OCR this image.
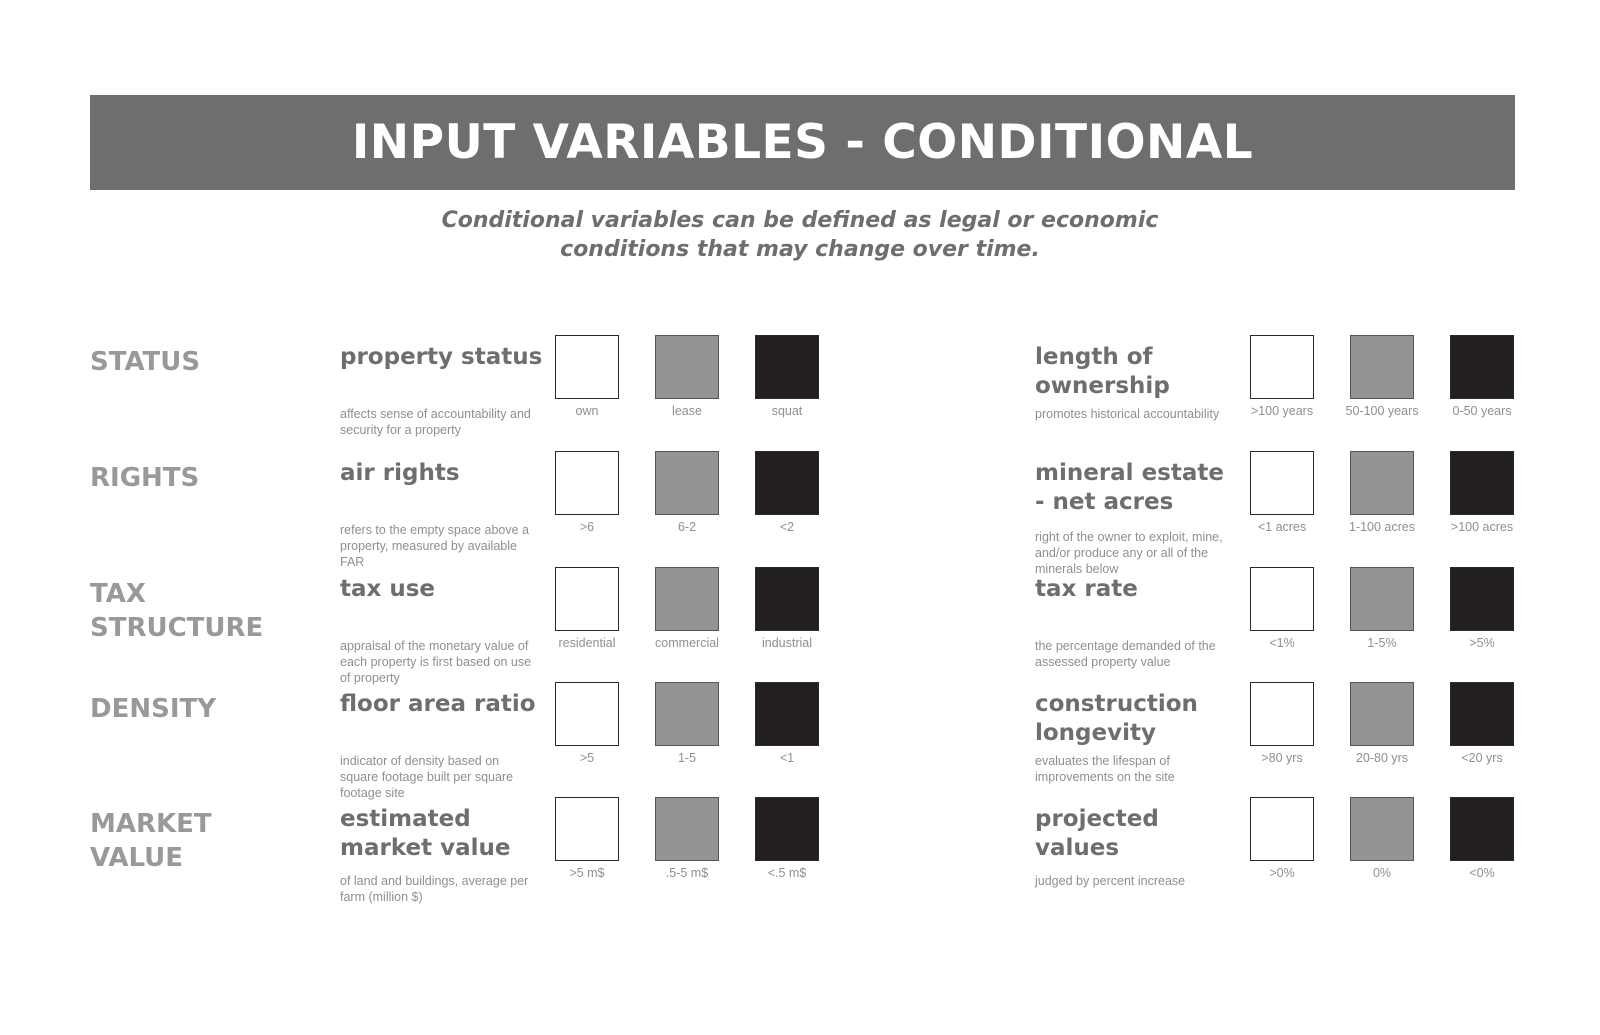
INPUT VARIABLES - CONDITIONAL
Conditional variables can be defined as legal or economic
conditions that may change over time.
STATUS	property status
affects sense of accountability and security for a property
own	lease	squat
length of ownership
promotes historical accountability	>100 years	50-100 years	0-50 years
RIGHTS	air rights
refers to the empty space above a property, measured by available FAR
>6	6-2	<2
mineral estate - net acres
right of the owner to exploit, mine, and/or produce any or all of the minerals below
<1 acres	1-100 acres	>100 acres
TAX STRUCTURE
tax use
appraisal of the monetary value of each property is first based on use of property
residential	commercial	industrial
tax rate
the percentage demanded of the assessed property value
<1%	1-5%	>5%
DENSITY	floor area ratio
indicator of density based on square footage built per square footage site
>5	1-5	<1
construction longevity
evaluates the lifespan of improvements on the site
>80 yrs	20-80 yrs	<20 yrs
MARKET VALUE
estimated market value
of land and buildings, average per farm (million $)
>5 m$	.5-5 m$	<.5 m$
projected values
judged by percent increase
>0%	0%	<0%
